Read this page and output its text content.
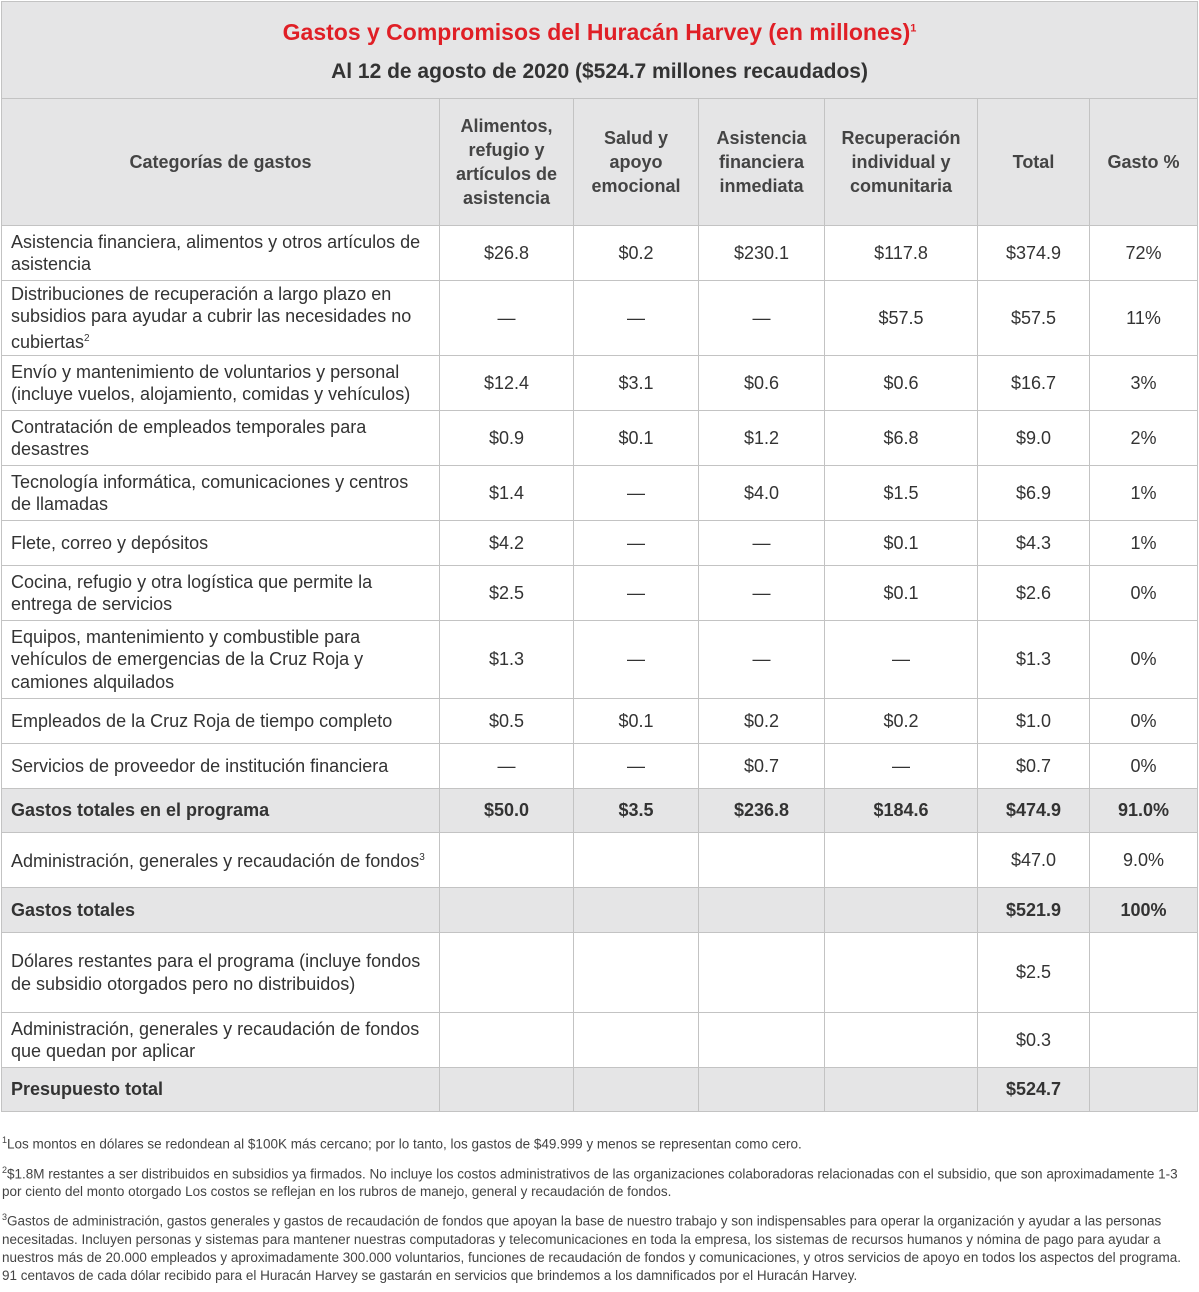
Gastos y Compromisos del Huracán Harvey (en millones)$^1$
Al 12 de agosto de 2020 ($524.7 millones recaudados)						

Categorías de gastos	Alimentos, refugio y artículos de asistencia	Salud y apoyo emocional	Asistencia financiera inmediata	Recuperación individual y comunitaria	Total	Gasto %
Asistencia financiera, alimentos y otros artículos de asistencia	$26.8	$0.2	$230.1	$117.8	$374.9	72%
Distribuciones de recuperación a largo plazo en subsidios para ayudar a cubrir las necesidades no cubiertas$^2$	—	—	—	$57.5	$57.5	11%
Envío y mantenimiento de voluntarios y personal (incluye vuelos, alojamiento, comidas y vehículos)	$12.4	$3.1	$0.6	$0.6	$16.7	3%
Contratación de empleados temporales para desastres	$0.9	$0.1	$1.2	$6.8	$9.0	2%
Tecnología informática, comunicaciones y centros de llamadas	$1.4	—	$4.0	$1.5	$6.9	1%
Flete, correo y depósitos	$4.2	—	—	$0.1	$4.3	1%
Cocina, refugio y otra logística que permite la entrega de servicios	$2.5	—	—	$0.1	$2.6	0%
Equipos, mantenimiento y combustible para vehículos de emergencias de la Cruz Roja y camiones alquilados	$1.3	—	—	—	$1.3	0%
Empleados de la Cruz Roja de tiempo completo	$0.5	$0.1	$0.2	$0.2	$1.0	0%
Servicios de proveedor de institución financiera	—	—	$0.7	—	$0.7	0%
Gastos totales en el programa	$50.0	$3.5	$236.8	$184.6	$474.9	91.0%
Administración, generales y recaudación de fondos$^3$					$47.0	9.0%
Gastos totales					$521.9	100%
Dólares restantes para el programa (incluye fondos de subsidio otorgados pero no distribuidos)					$2.5	
Administración, generales y recaudación de fondos que quedan por aplicar					$0.3	
Presupuesto total					$524.7	
$^1$Los montos en dólares se redondean al $100K más cercano; por lo tanto, los gastos de $49.999 y menos se representan como cero.
$^2$\$1.8M restantes a ser distribuidos en subsidios ya firmados. No incluye los costos administrativos de las organizaciones colaboradoras relacionadas con el subsidio, que son aproximadamente 1-3 por ciento del monto otorgado Los costos se reflejan en los rubros de manejo, general y recaudación de fondos.
$^3$Gastos de administración, gastos generales y gastos de recaudación de fondos que apoyan la base de nuestro trabajo y son indispensables para operar la organización y ayudar a las personas necesitadas. Incluyen personas y sistemas para mantener nuestras computadoras y telecomunicaciones en toda la empresa, los sistemas de recursos humanos y nómina de pago para ayudar a nuestros más de 20.000 empleados y aproximadamente 300.000 voluntarios, funciones de recaudación de fondos y comunicaciones, y otros servicios de apoyo en todos los aspectos del programa. 91 centavos de cada dólar recibido para el Huracán Harvey se gastarán en servicios que brindemos a los damnificados por el Huracán Harvey.
